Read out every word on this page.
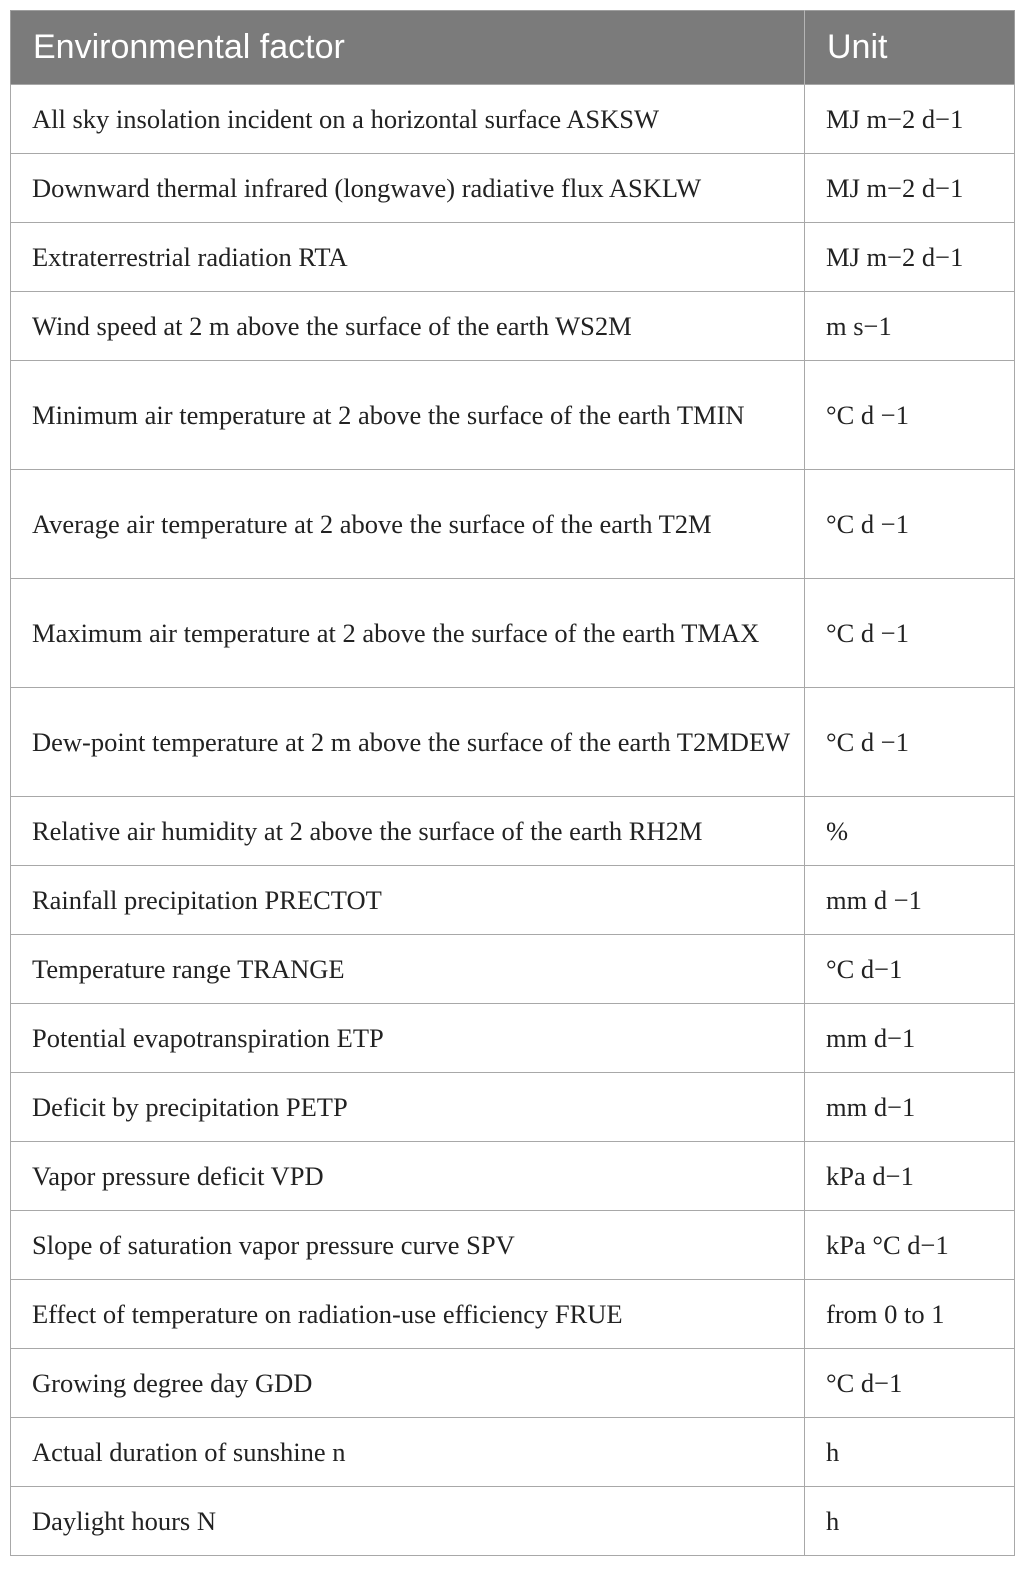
Environmental factor	Unit
All sky insolation incident on a horizontal surface ASKSW	MJ m−2 d−1
Downward thermal infrared (longwave) radiative flux ASKLW	MJ m−2 d−1
Extraterrestrial radiation RTA	MJ m−2 d−1
Wind speed at 2 m above the surface of the earth WS2M	m s−1
Minimum air temperature at 2 above the surface of the earth TMIN	°C d −1
Average air temperature at 2 above the surface of the earth T2M	°C d −1
Maximum air temperature at 2 above the surface of the earth TMAX	°C d −1
Dew-point temperature at 2 m above the surface of the earth T2MDEW	°C d −1
Relative air humidity at 2 above the surface of the earth RH2M	%
Rainfall precipitation PRECTOT	mm d −1
Temperature range TRANGE	°C d−1
Potential evapotranspiration ETP	mm d−1
Deficit by precipitation PETP	mm d−1
Vapor pressure deficit VPD	kPa d−1
Slope of saturation vapor pressure curve SPV	kPa °C d−1
Effect of temperature on radiation-use efficiency FRUE	from 0 to 1
Growing degree day GDD	°C d−1
Actual duration of sunshine n	h
Daylight hours N	h
